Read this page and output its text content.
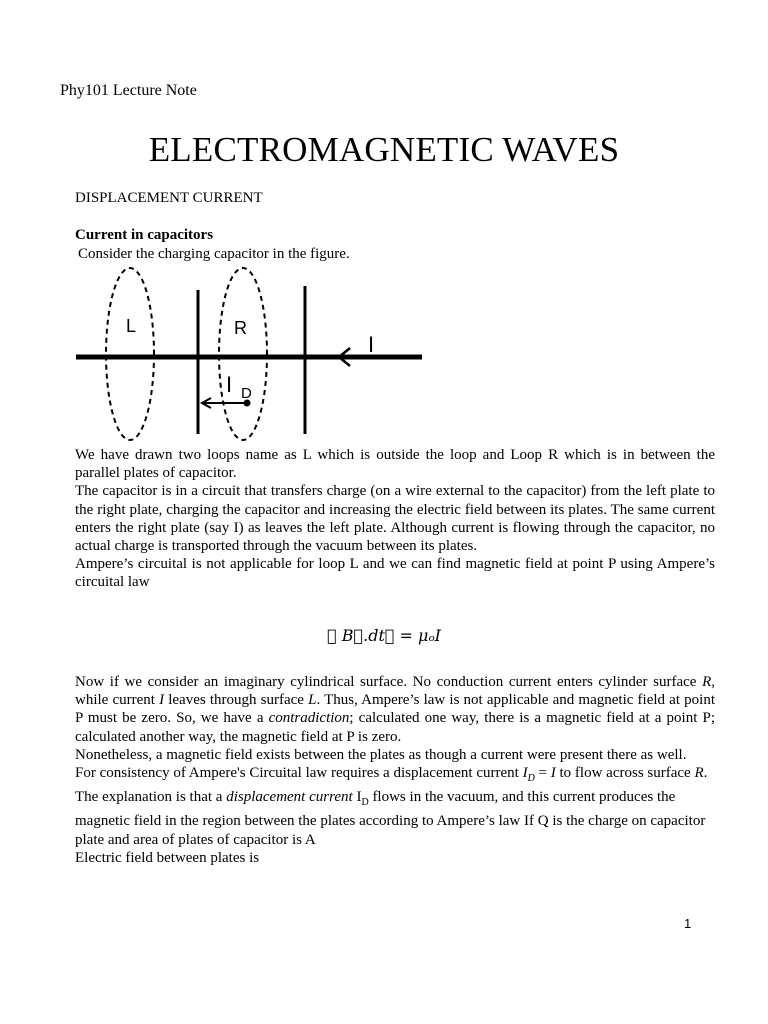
Phy101 Lecture Note
ELECTROMAGNETIC WAVES
DISPLACEMENT CURRENT
Current in capacitors
Consider the charging capacitor in the figure.
L	R
I
I D

We have drawn two loops name as L which is outside the loop and Loop R which is in between the parallel plates of capacitor.

The capacitor is in a circuit that transfers charge (on a wire external to the capacitor) from the left plate to the right plate, charging the capacitor and increasing the electric field between its plates. The same current enters the right plate (say I) as leaves the left plate. Although current is flowing through the capacitor, no actual charge is transported through the vacuum between its plates.

Ampere’s circuital is not applicable for loop L and we can find magnetic field at point P using Ampere’s circuital law

∮ B⃗.dt⃗ = μₒI

Now if we consider an imaginary cylindrical surface. No conduction current enters cylinder surface R, while current I leaves through surface L. Thus, Ampere’s law is not applicable and magnetic field at point P must be zero. So, we have a contradiction; calculated one way, there is a magnetic field at a point P; calculated another way, the magnetic field at P is zero.

Nonetheless, a magnetic field exists between the plates as though a current were present there as well.

For consistency of Ampere's Circuital law requires a displacement current $I_D = I$ to flow across surface R.

The explanation is that a displacement current $I_D$ flows in the vacuum, and this current produces the magnetic field in the region between the plates according to Ampere’s law If Q is the charge on capacitor plate and area of plates of capacitor is A

Electric field between plates is

1
